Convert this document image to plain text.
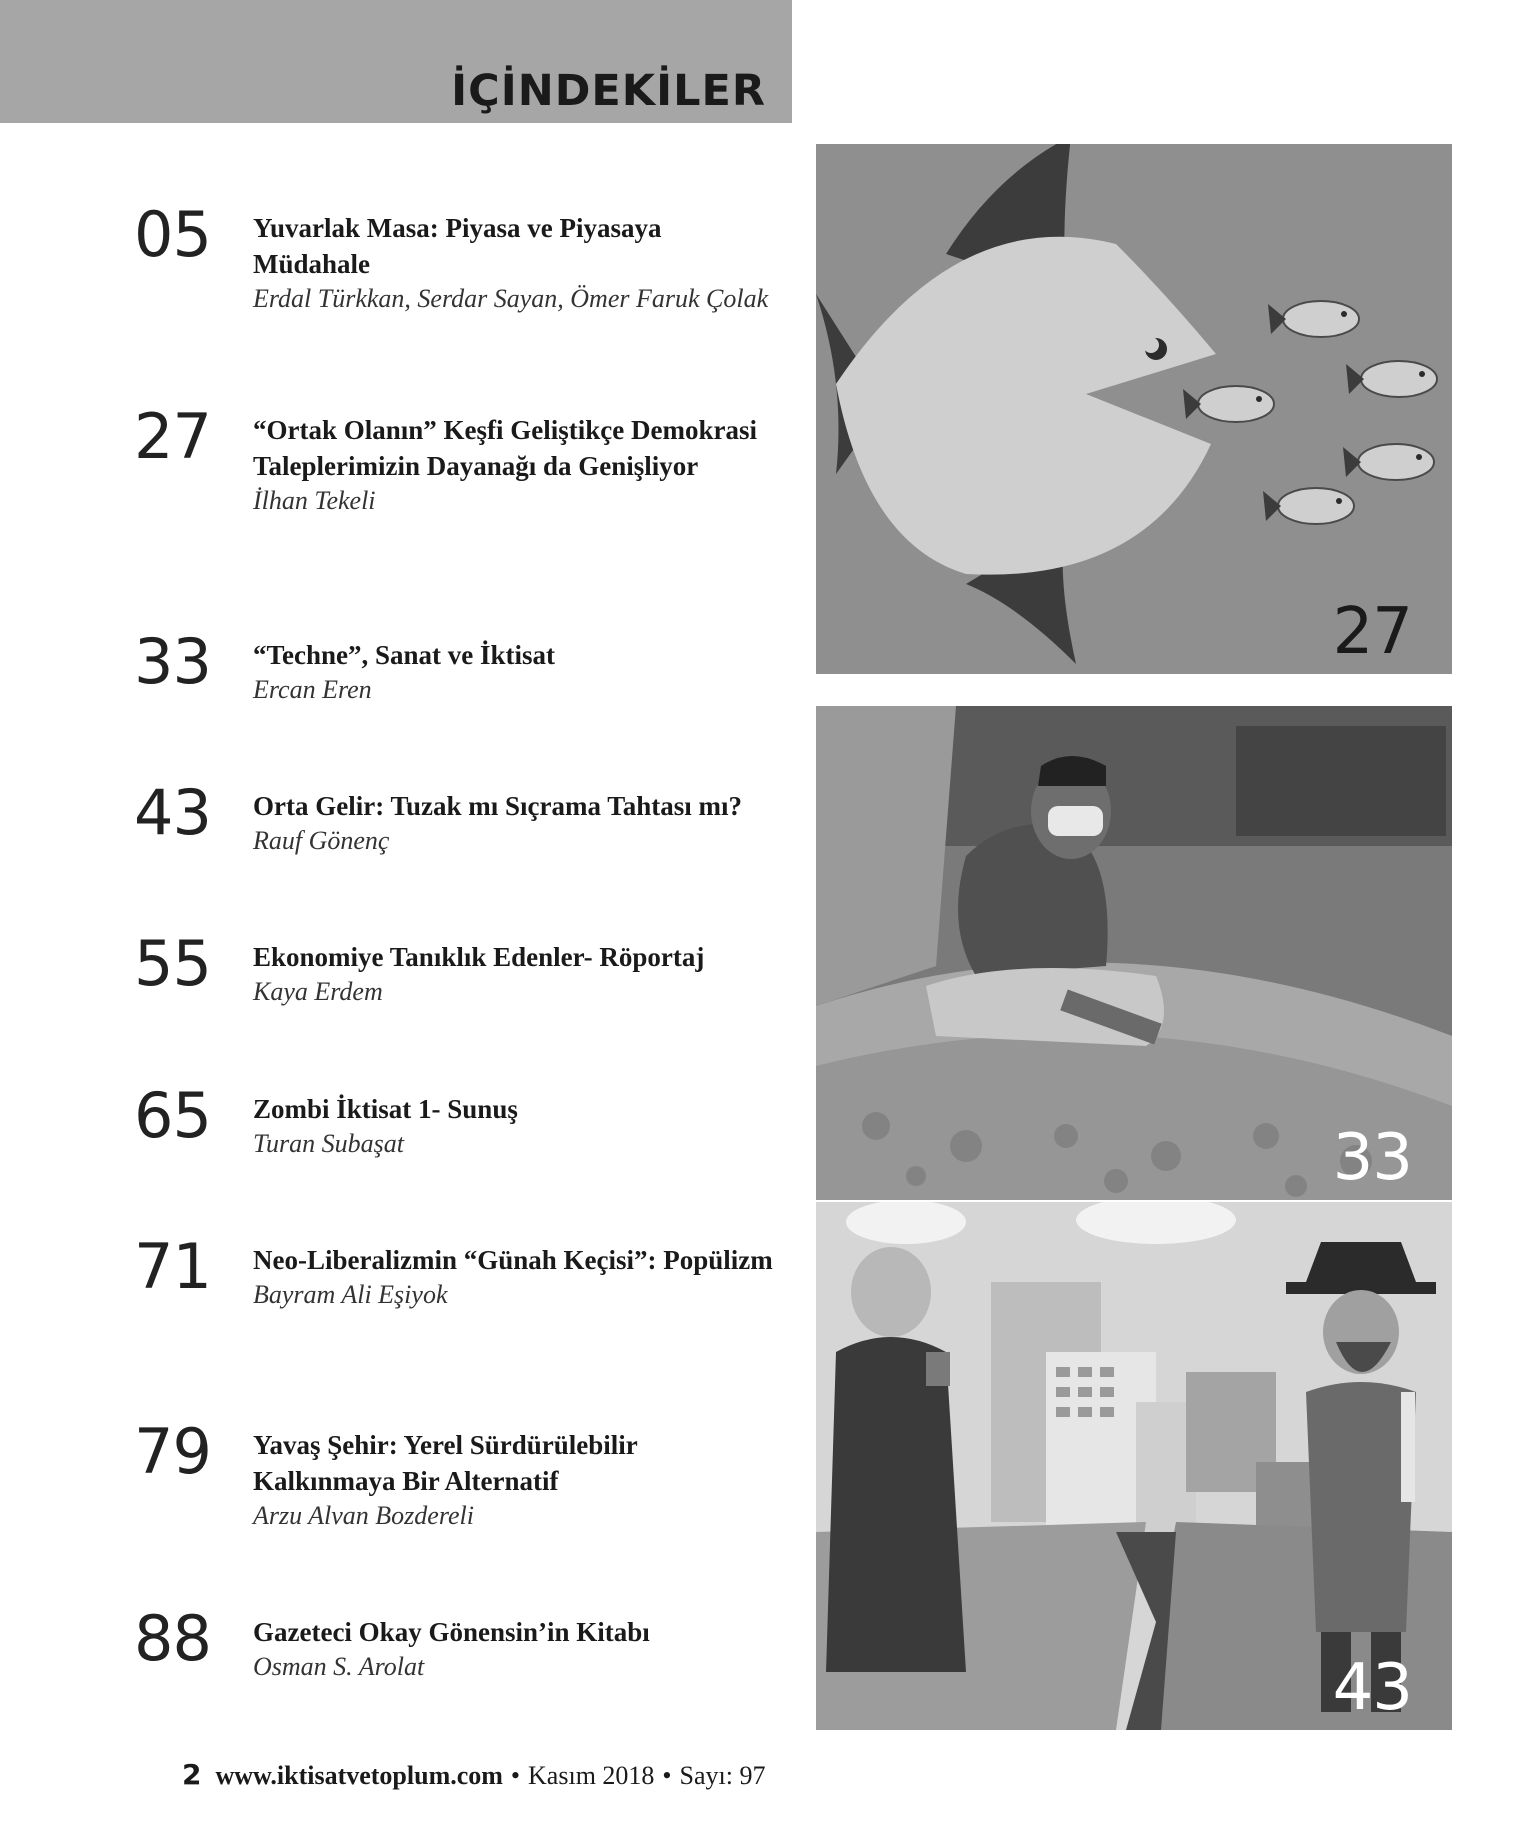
İÇİNDEKİLER
05 Yuvarlak Masa: Piyasa ve Piyasaya Müdahale
Erdal Türkkan, Serdar Sayan, Ömer Faruk Çolak
27 “Ortak Olanın” Keşfi Geliştikçe Demokrasi Taleplerimizin Dayanağı da Genişliyor
İlhan Tekeli
33 “Techne”, Sanat ve İktisat
Ercan Eren
43 Orta Gelir: Tuzak mı Sıçrama Tahtası mı?
Rauf Gönenç
55 Ekonomiye Tanıklık Edenler- Röportaj
Kaya Erdem
65 Zombi İktisat 1- Sunuş
Turan Subaşat
71 Neo-Liberalizmin “Günah Keçisi”: Popülizm
Bayram Ali Eşiyok
79 Yavaş Şehir: Yerel Sürdürülebilir Kalkınmaya Bir Alternatif
Arzu Alvan Bozdereli
88 Gazeteci Okay Gönensin’in Kitabı
Osman S. Arolat
27
33
43
2 www.iktisatvetoplum.com • Kasım 2018 • Sayı: 97
